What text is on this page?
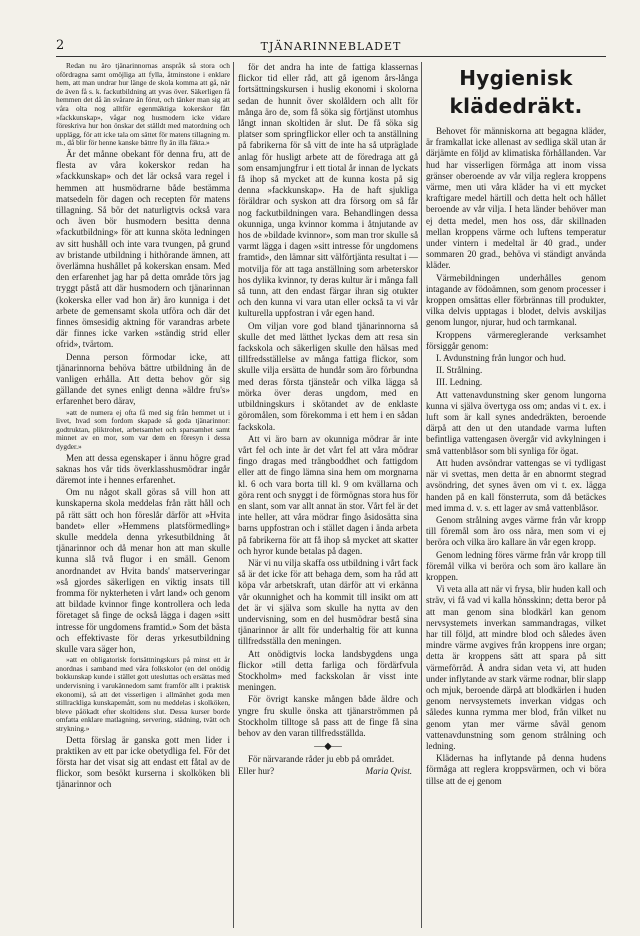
2	TJÄNARINNEBLADET

Redan nu äro tjänarinnornas anspråk så stora och ofördragna samt omöjliga att fylla, åtminstone i enklare hem, att man undrar hur länge de skola komma att gå, när de även få s. k. fackutbildning att yvas över. Säkerligen få hemmen det då än svårare än förut, och tänker man sig att våra olta nog alltför egenmäktiga kokerskor fått »fackkunskap», vågar nog husmodern icke vidare föreskriva hur hon önskar det ställdt med matordning och upplägg, för att icke tala om sättet för matens tillagning m. m., då blir för henne kanske bättre fly än illa fäkta.»

Är det månne obekant för denna fru, att de flesta av våra kokerskor redan ha »fackkunskap» och det lär också vara regel i hemmen att husmödrarne både bestämma matsedeln för dagen och recepten för matens tillagning. Så bör det naturligtvis också vara och även bör husmodern besitta denna »fackutbildning» för att kunna sköta ledningen av sitt hushåll och inte vara tvungen, på grund av bristande utbildning i hithörande ämnen, att överlämna hushållet på kokerskan ensam. Med den erfarenhet jag har på detta område törs jag tryggt påstå att där husmodern och tjänarinnan (kokerska eller vad hon är) äro kunniga i det arbete de gemensamt skola utföra och där det finnes ömsesidig aktning för varandras arbete där finnes icke varken »ständig strid eller ofrid», tvärtom.

Denna person förmodar icke, att tjänarinnorna behöva bättre utbildning än de vanligen erhålla. Att detta behov gör sig gällande det synes enligt denna »äldre fru's» erfarenhet bero därav,

»att de numera ej ofta få med sig från hemmet ut i livet, hvad som fordom skapade så goda tjänarinnor: godtruktan, pliktrohet, arbetsamhet och sparsamhet samt minnet av en mor, som var dem en föresyn i dessa dygder.»

Men att dessa egenskaper i ännu högre grad saknas hos vår tids överklasshusmödrar ingår däremot inte i hennes erfarenhet.

Om nu något skall göras så vill hon att kunskaperna skola meddelas från rätt håll och på rätt sätt och hon föreslår därför att »Hvita bandet» eller »Hemmens platsförmedling» skulle meddela denna yrkesutbildning åt tjänarinnor och då menar hon att man skulle kunna slå två flugor i en smäll. Genom anordnandet av Hvita bands' matserveringar »så gjordes säkerligen en viktig insats till fromma för nykterheten i vårt land» och genom att bildade kvinnor finge kontrollera och leda företaget så finge de också lägga i dagen »sitt intresse för ungdomens framtid.» Som det bästa och effektivaste för deras yrkesutbildning skulle vara säger hon,

»att en obligatorisk fortsättningskurs på minst ett år anordnas i samband med våra folkskolor (en del onödig bokkunskap kunde i stället gott utesluttas och ersättas med undervisning i varukännedom samt framför allt i praktisk ekonomi), så att det visserligen i allmänhet goda men stillrackliga kunskapemått, som nu meddelas i skolköken, bleve påökadt efter skoltidens slut. Dessa kurser borde omfatta enklare matlagning, servering, städning, tvätt och strykning.»

Detta förslag är ganska gott men lider i praktiken av ett par icke obetydliga fel. För det första har det visat sig att endast ett fåtal av de flickor, som besökt kurserna i skolköken bli tjänarinnor och

för det andra ha inte de fattiga klassernas flickor tid eller råd, att gå igenom års-långa fortsättningskursen i huslig ekonomi i skolorna sedan de hunnit över skolåldern och allt för många äro de, som få söka sig förtjänst utomhus långt innan skoltiden är slut. De få söka sig platser som springflickor eller och ta anställning på fabrikerna för så vitt de inte ha så utpräglade anlag för husligt arbete att de föredraga att gå som ensamjungfrur i ett tiotal år innan de lyckats få ihop så mycket att de kunna kosta på sig denna »fackkunskap». Ha de haft sjukliga föräldrar och syskon att dra försorg om så får nog fackutbildningen vara. Behandlingen dessa okunniga, unga kvinnor komma i åtnjutande av hos de »bildade kvinnor», som man tror skulle så varmt lägga i dagen »sitt intresse för ungdomens framtid», den lämnar sitt välförtjänta resultat i — motvilja för att taga anställning som arbeterskor hos dylika kvinnor, ty deras kultur är i många fall så tunn, att den endast färgar ihran sig otukter och den kunna vi vara utan eller också ta vi vår kulturella uppfostran i vår egen hand.

Om viljan vore god bland tjänarinnorna så skulle det med lätthet lyckas dem att resa sin fackskola och säkerligen skulle den hälsas med tillfredsställelse av många fattiga flickor, som skulle vilja ersätta de hundår som äro förbundna med deras första tjänsteår och vilka lägga så mörka över deras ungdom, med en utbildningskurs i skötandet av de enklaste göromålen, som förekomma i ett hem i en sådan fackskola.

Att vi äro barn av okunniga mödrar är inte vårt fel och inte är det vårt fel att våra mödrar fingo dragas med trängboddhet och fattigdom eller att de fingo lämna sina hem om morgnarna kl. 6 och vara borta till kl. 9 om kvällarna och göra rent och snyggt i de förmögnas stora hus för en slant, som var allt annat än stor. Vårt fel är det inte heller, att våra mödrar fingo åsidosätta sina barns uppfostran och i stället dagen i ända arbeta på fabrikerna för att få ihop så mycket att skatter och hyror kunde betalas på dagen.

När vi nu vilja skaffa oss utbildning i vårt fack så är det icke för att behaga dem, som ha råd att köpa vår arbetskraft, utan därför att vi erkänna vår okunnighet och ha kommit till insikt om att det är vi själva som skulle ha nytta av den undervisning, som en del husmödrar bestå sina tjänarinnor är allt för underhaltig för att kunna tillfredsställa den meningen.

Att onödigtvis locka landsbygdens unga flickor »till detta farliga och fördärfvula Stockholm» med fackskolan är visst inte meningen.

För övrigt kanske mången både äldre och yngre fru skulle önska att tjänarströmmen på Stockholm tilltoge så pass att de finge få sina behov av den varan tillfredsställda.

—◆—

För närvarande råder ju ebb på området.

Eller hur?	Maria Qvist.

Hygienisk klädedräkt.

Behovet för människorna att begagna kläder, är framkallat icke allenast av sedliga skäl utan är därjämte en följd av klimatiska förhållanden. Var hud har visserligen förmåga att inom vissa gränser oberoende av vår vilja reglera kroppens värme, men uti våra kläder ha vi ett mycket kraftigare medel härtill och detta helt och hållet beroende av vår vilja. I heta länder behöver man ej detta medel, men hos oss, där skillnaden mellan kroppens värme och luftens temperatur under vintern i medeltal är 40 grad., under sommaren 20 grad., behöva vi ständigt använda kläder.

Värmebildningen underhålles genom intagande av födoämnen, som genom processer i kroppen omsättas eller förbrännas till produkter, vilka delvis upptagas i blodet, delvis avskiljas genom lungor, njurar, hud och tarmkanal.

Kroppens värmereglerande verksamhet försiggår genom:

I. Avdunstning från lungor och hud.

II. Strålning.

III. Ledning.

Att vattenavdunstning sker genom lungorna kunna vi själva övertyga oss om; andas vi t. ex. i luft som är kall synes andedräkten, beroende därpå att den ut den utandade varma luften befintliga vattengasen övergår vid avkylningen i små vattenblåsor som bli synliga för ögat.

Att huden avsöndrar vattengas se vi tydligast när vi svettas, men detta är en abnormt stegrad avsöndring, det synes även om vi t. ex. lägga handen på en kall fönsterruta, som då betäckes med imma d. v. s. ett lager av små vattenblåsor.

Genom strålning avges värme från vår kropp till föremål som äro oss nära, men som vi ej beröra och vilka äro kallare än vår egen kropp.

Genom ledning föres värme från vår kropp till föremål vilka vi beröra och som äro kallare än kroppen.

Vi veta alla att när vi frysa, blir huden kall och sträv, vi få vad vi kalla hönsskinn; detta beror på att man genom sina blodkärl kan genom nervsystemets inverkan sammandragas, vilket har till följd, att mindre blod och således även mindre värme avgives från kroppens inre organ; detta är kroppens sätt att spara på sitt värmeförråd. Å andra sidan veta vi, att huden under inflytande av stark värme rodnar, blir slapp och mjuk, beroende därpå att blodkärlen i huden genom nervsystemets inverkan vidgas och således kunna rymma mer blod, från vilket nu genom ytan mer värme såväl genom vattenavdunstning som genom strålning och ledning.

Klädernas ha inflytande på denna hudens förmåga att reglera kroppsvärmen, och vi böra tillse att de ej genom
